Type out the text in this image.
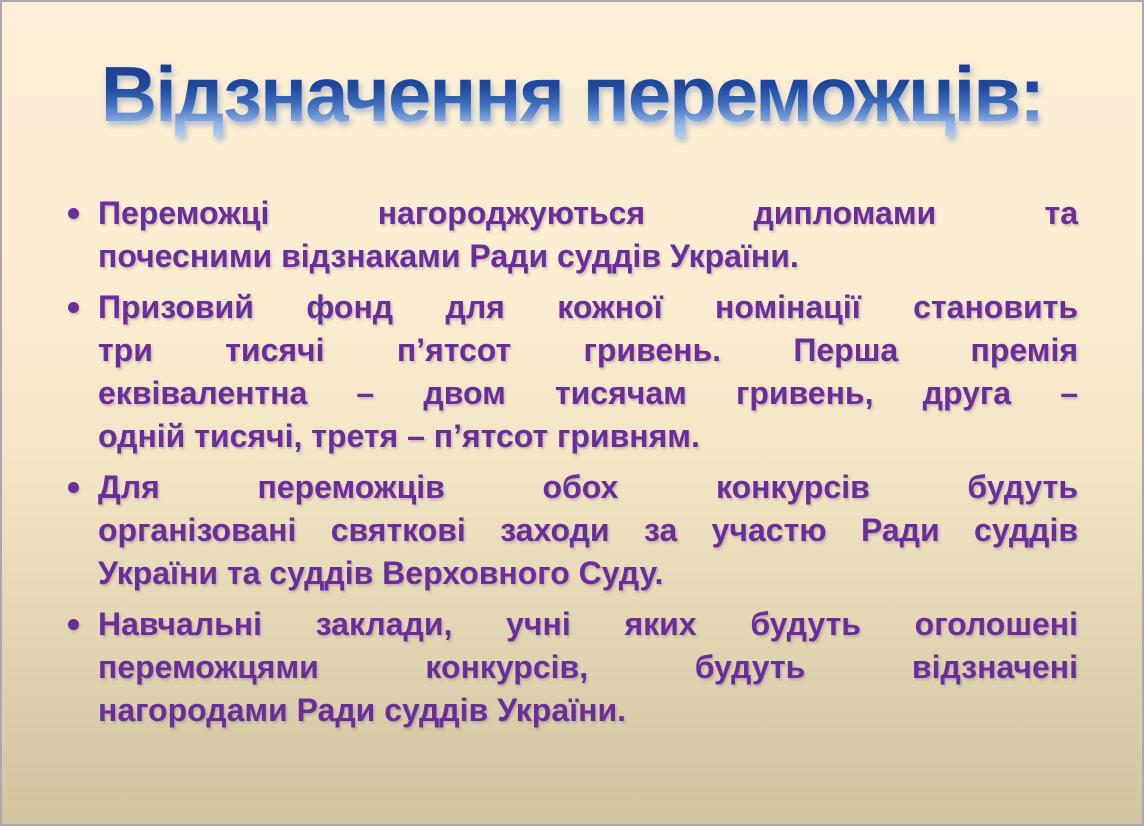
Відзначення переможців:
Переможці нагороджуються дипломами та
почесними відзнаками Ради суддів України.
Призовий фонд для кожної номінації становить
три тисячі п’ятсот гривень. Перша премія
еквівалентна – двом тисячам гривень, друга –
одній тисячі, третя – п’ятсот гривням.
Для переможців обох конкурсів будуть
організовані святкові заходи за участю Ради суддів
України та суддів Верховного Суду.
Навчальні заклади, учні яких будуть оголошені
переможцями конкурсів, будуть відзначені
нагородами Ради суддів України.
